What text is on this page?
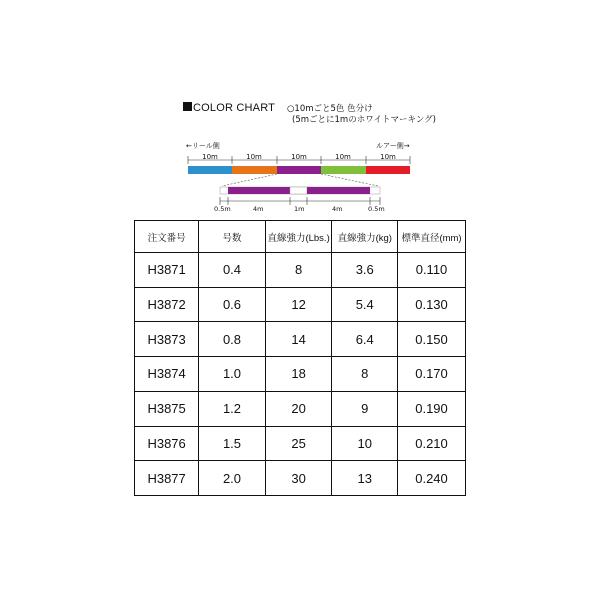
COLOR CHART ○10mごと5色 色分け
(5mごとに1mのホワイトマーキング)
←リール側	ルアー側→
10m	10m	10m	10m	10m
0.5m	4m	1m	4m	0.5m
注文番号	号数	直線強力(Lbs.)	直線強力(kg)	標準直径(mm)
H3871	0.4	8	3.6	0.110
H3872	0.6	12	5.4	0.130
H3873	0.8	14	6.4	0.150
H3874	1.0	18	8	0.170
H3875	1.2	20	9	0.190
H3876	1.5	25	10	0.210
H3877	2.0	30	13	0.240
